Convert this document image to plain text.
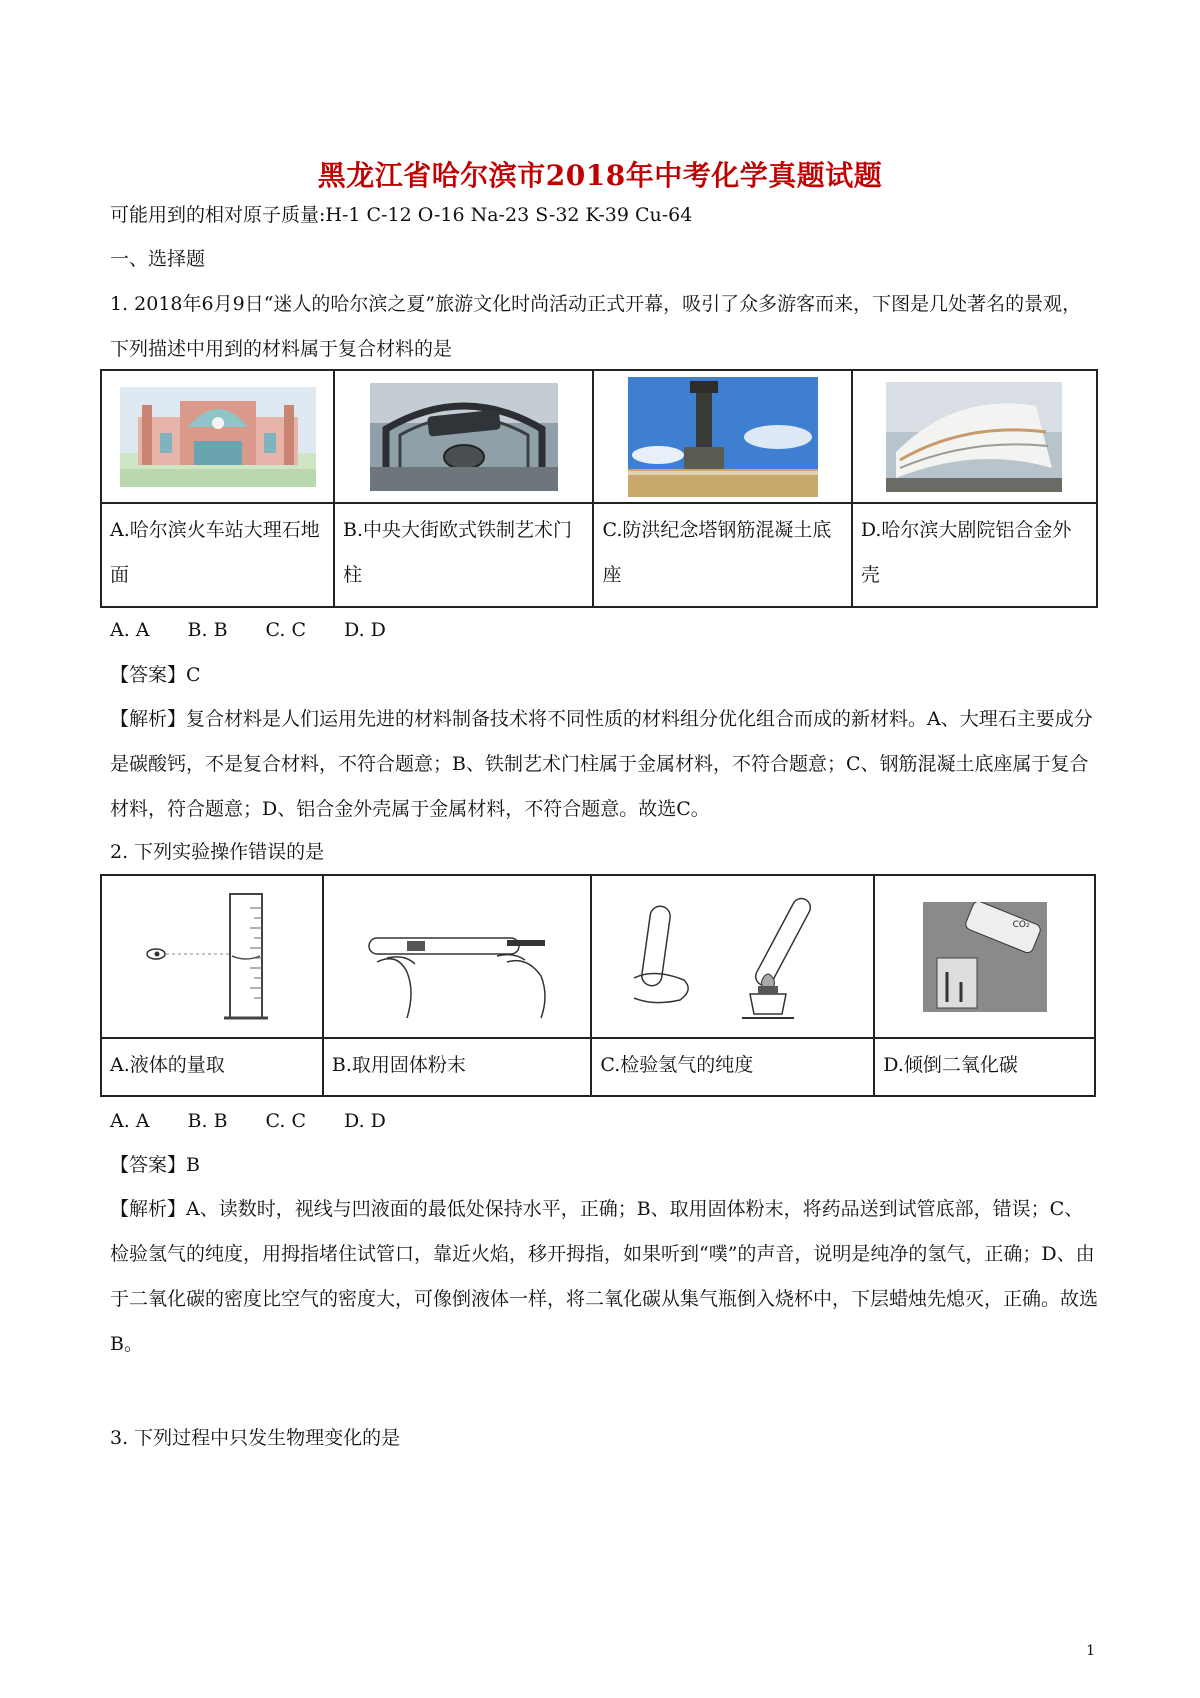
黑龙江省哈尔滨市2018年中考化学真题试题
可能用到的相对原子质量:H-1 C-12 O-16 Na-23 S-32 K-39 Cu-64
一、选择题
1. 2018年6月9日“迷人的哈尔滨之夏”旅游文化时尚活动正式开幕，吸引了众多游客而来，下图是几处著名的景观，下列描述中用到的材料属于复合材料的是

A.哈尔滨火车站大理石地面	B.中央大街欧式铁制艺术门柱	C.防洪纪念塔钢筋混凝土底座	D.哈尔滨大剧院铝合金外壳
A. A B. B C. C D. D
【答案】C
【解析】复合材料是人们运用先进的材料制备技术将不同性质的材料组分优化组合而成的新材料。A、大理石主要成分是碳酸钙，不是复合材料，不符合题意；B、铁制艺术门柱属于金属材料，不符合题意；C、钢筋混凝土底座属于复合材料，符合题意；D、铝合金外壳属于金属材料，不符合题意。故选C。
2. 下列实验操作错误的是

CO₂

A.液体的量取	B.取用固体粉末	C.检验氢气的纯度	D.倾倒二氧化碳
A. A B. B C. C D. D
【答案】B
【解析】A、读数时，视线与凹液面的最低处保持水平，正确；B、取用固体粉末，将药品送到试管底部，错误；C、检验氢气的纯度，用拇指堵住试管口，靠近火焰，移开拇指，如果听到“噗”的声音，说明是纯净的氢气，正确；D、由于二氧化碳的密度比空气的密度大，可像倒液体一样，将二氧化碳从集气瓶倒入烧杯中，下层蜡烛先熄灭，正确。故选B。
3. 下列过程中只发生物理变化的是
1
